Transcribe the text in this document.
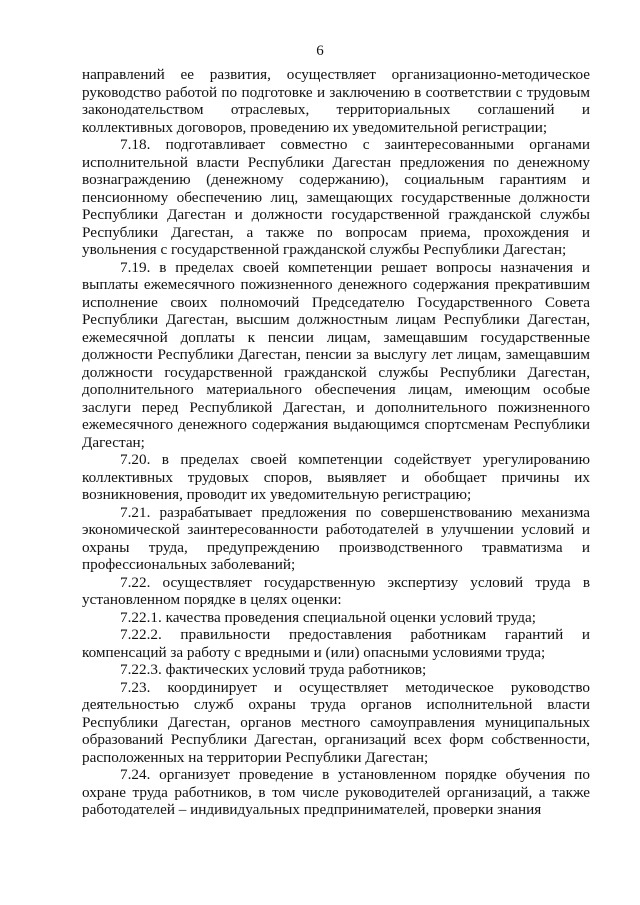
6

направлений ее развития, осуществляет организационно-методическое руководство работой по подготовке и заключению в соответствии с трудовым законодательством отраслевых, территориальных соглашений и коллективных договоров, проведению их уведомительной регистрации;

7.18. подготавливает совместно с заинтересованными органами исполнительной власти Республики Дагестан предложения по денежному вознаграждению (денежному содержанию), социальным гарантиям и пенсионному обеспечению лиц, замещающих государственные должности Республики Дагестан и должности государственной гражданской службы Республики Дагестан, а также по вопросам приема, прохождения и увольнения с государственной гражданской службы Республики Дагестан;

7.19. в пределах своей компетенции решает вопросы назначения и выплаты ежемесячного пожизненного денежного содержания прекратившим исполнение своих полномочий Председателю Государственного Совета Республики Дагестан, высшим должностным лицам Республики Дагестан, ежемесячной доплаты к пенсии лицам, замещавшим государственные должности Республики Дагестан, пенсии за выслугу лет лицам, замещавшим должности государственной гражданской службы Республики Дагестан, дополнительного материального обеспечения лицам, имеющим особые заслуги перед Республикой Дагестан, и дополнительного пожизненного ежемесячного денежного содержания выдающимся спортсменам Республики Дагестан;

7.20. в пределах своей компетенции содействует урегулированию коллективных трудовых споров, выявляет и обобщает причины их возникновения, проводит их уведомительную регистрацию;

7.21. разрабатывает предложения по совершенствованию механизма экономической заинтересованности работодателей в улучшении условий и охраны труда, предупреждению производственного травматизма и профессиональных заболеваний;

7.22. осуществляет государственную экспертизу условий труда в установленном порядке в целях оценки:

7.22.1. качества проведения специальной оценки условий труда;

7.22.2. правильности предоставления работникам гарантий и компенсаций за работу с вредными и (или) опасными условиями труда;

7.22.3. фактических условий труда работников;

7.23. координирует и осуществляет методическое руководство деятельностью служб охраны труда органов исполнительной власти Республики Дагестан, органов местного самоуправления муниципальных образований Республики Дагестан, организаций всех форм собственности, расположенных на территории Республики Дагестан;

7.24. организует проведение в установленном порядке обучения по охране труда работников, в том числе руководителей организаций, а также работодателей – индивидуальных предпринимателей, проверки знания
